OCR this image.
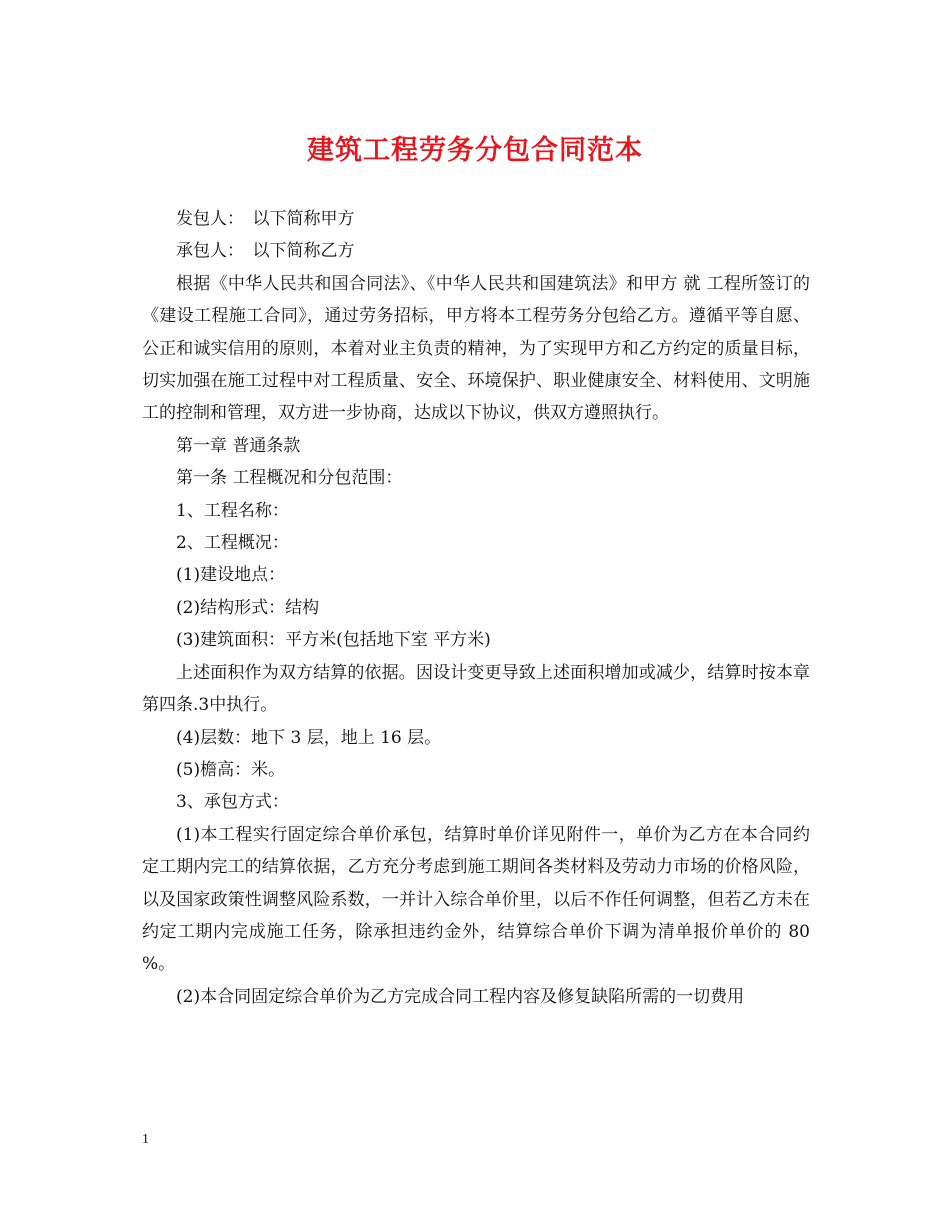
建筑工程劳务分包合同范本

发包人：　以下简称甲方

承包人：　以下简称乙方

根据《中华人民共和国合同法》、《中华人民共和国建筑法》和甲方 就 工程所签订的《建设工程施工合同》，通过劳务招标，甲方将本工程劳务分包给乙方。遵循平等自愿、公正和诚实信用的原则，本着对业主负责的精神，为了实现甲方和乙方约定的质量目标，切实加强在施工过程中对工程质量、安全、环境保护、职业健康安全、材料使用、文明施工的控制和管理，双方进一步协商，达成以下协议，供双方遵照执行。

第一章 普通条款

第一条 工程概况和分包范围：

1、工程名称：

2、工程概况：

(1)建设地点：

(2)结构形式：结构

(3)建筑面积：平方米(包括地下室 平方米)

上述面积作为双方结算的依据。因设计变更导致上述面积增加或减少，结算时按本章第四条.3中执行。

(4)层数：地下 3 层，地上 16 层。

(5)檐高：米。

3、承包方式：

(1)本工程实行固定综合单价承包，结算时单价详见附件一，单价为乙方在本合同约定工期内完工的结算依据，乙方充分考虑到施工期间各类材料及劳动力市场的价格风险，以及国家政策性调整风险系数，一并计入综合单价里，以后不作任何调整，但若乙方未在约定工期内完成施工任务，除承担违约金外，结算综合单价下调为清单报价单价的 80 %。

(2)本合同固定综合单价为乙方完成合同工程内容及修复缺陷所需的一切费用

1
